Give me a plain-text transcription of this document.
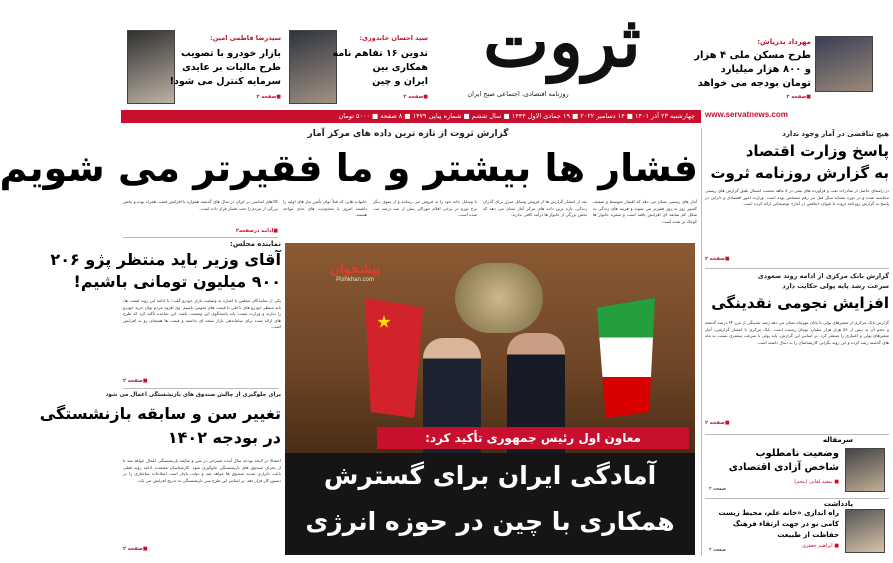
مهرداد بذرپاش:
طرح مسکن ملی ۴ هزار
و ۸۰۰ هزار میلیارد
تومان بودجه می خواهد
■صفحه ۲
ثروت
روزنامه اقتصادی، اجتماعی صبح ایران
سید احسان خاندوزی:
تدوین ۱۶ تفاهم نامه
همکاری بین
ایران و چین
■صفحه ۲
سیدرضا فاطمی امین:
بازار خودرو با تصویب
طرح مالیات بر عایدی
سرمایه کنترل می شود!
■صفحه ۲
www.servatnews.com
چهارشنبه ۲۳ آذر ۱۴۰۱ ■ ۱۴ دسامبر ۲۰۲۲ ■ ۱۹ جمادی الاول ۱۴۴۴ ■ سال ششم ■ شماره پیاپی ۱۴۷۹ ■ ۸ صفحه ■ ۵۰۰۰ تومان
گزارش ثروت از تازه ترین داده های مرکز آمار
فشار ها بیشتر و ما فقیرتر می شویم
آمار های رسمی نشان می دهد که اقشار متوسط و ضعیف کشور روز به روز فقیرتر می شوند و هزینه های زندگی به شکل کم سابقه ای افزایش یافته است و سفره خانوار ها کوچک تر شده است.
بعد از انتشار گزارش ها از فروش وسایل منزل برای گذران زندگی، تازه ترین داده های مرکز آمار نشان می دهد که بخش بزرگی از خانوار ها درآمد کافی ندارند.
با وسایل خانه خود را به فروش می رسانند و از سوی دیگر نرخ تورم در برخی اقلام خوراکی بیش از صد درصد ثبت شده است.
خانواده هایی که قبلاً توان تأمین نیاز های اولیه را داشتند امروز با محدودیت های جدی مواجه هستند.
کالاهای اساسی در ایران در سال های گذشته همواره با افزایش قیمت همراه بوده و بخش بزرگی از مردم را تحت فشار قرار داده است.
■ادامه درصفحه۲
نماینده مجلس:
آقای وزیر باید منتظر پژو ۲۰۶
۹۰۰ میلیون تومانی باشیم!
یکی از نمایندگان مجلس با اشاره به وضعیت بازار خودرو گفت: با ادامه این روند قیمت ها، باید منتظر خودرو های داخلی با قیمت های نجومی باشیم. وی افزود مردم توان خرید خودرو را ندارند و وزارت صمت باید پاسخگوی این وضعیت باشد. این نماینده تأکید کرد که طرح های ارائه شده برای ساماندهی بازار نتیجه ای نداشته و قیمت ها همچنان رو به افزایش است.
■صفحه ۲
برای جلوگیری از چالش صندوق های بازنشستگی اعمال می شود
تغییر سن و سابقه بازنشستگی
در بودجه ۱۴۰۲
احتمالا در لایحه بودجه سال آینده تغییراتی در سن و سابقه بازنشستگی اعمال خواهد شد تا از بحران صندوق های بازنشستگی جلوگیری شود. کارشناسان معتقدند ادامه روند فعلی باعث ناترازی شدید صندوق ها خواهد شد و دولت ناچار است اصلاحات ساختاری را در دستور کار قرار دهد. بر اساس این طرح سن بازنشستگی به تدریج افزایش می یابد.
■صفحه ۲
پیشخوان
Pishkhan.com
معاون اول رئیس جمهوری تأکید کرد:
آمادگی ایران برای گسترش
همکاری با چین در حوزه انرژی
هیچ تناقضی در آمار وجود ندارد
پاسخ وزارت اقتصاد
به گزارش روزنامه ثروت
در راستای حاصل از صادرات نفت و فرآورده های نفتی در ۸ ماهه نخست امسال طبق گزارش های رسمی محاسبه شده و در دوره مشابه سال قبل نیز رقم مشخص بوده است. وزارت امور اقتصادی و دارایی در پاسخ به گزارش روزنامه ثروت با عنوان «تناقض در آمار» توضیحاتی ارائه کرده است.
■صفحه ۲
گزارش بانک مرکزی از ادامه روند صعودی
سرعت رشد پایه پولی حکایت دارد
افزایش نجومی نقدینگی
گزارش بانک مرکزی از متغیرهای پولی تا پایان مهرماه نشان می دهد رشد نقدینگی از مرز ۳۴ درصد گذشته و حجم آن به بیش از ۵۶ هزار هزار میلیارد تومان رسیده است. بانک مرکزی با انتشار گزارشی، آمار متغیرهای پولی و اعتباری را منتشر کرد. بر اساس این گزارش، پایه پولی با سرعت بیشتری نسبت به ماه های گذشته رشد کرده و این روند نگرانی کارشناسان را به دنبال داشته است.
■صفحه ۲
سرمقاله
وضعیت نامطلوب
شاخص آزادی اقتصادی
■ سعید لقابی (پنجم)
صفحه ۲
یادداشت
راه اندازی «خانه علم، محیط زیست
کامی نو در جهت ارتقاء فرهنگ
حفاظت از طبیعت
■ ابراهیم جعفری
صفحه ۲
